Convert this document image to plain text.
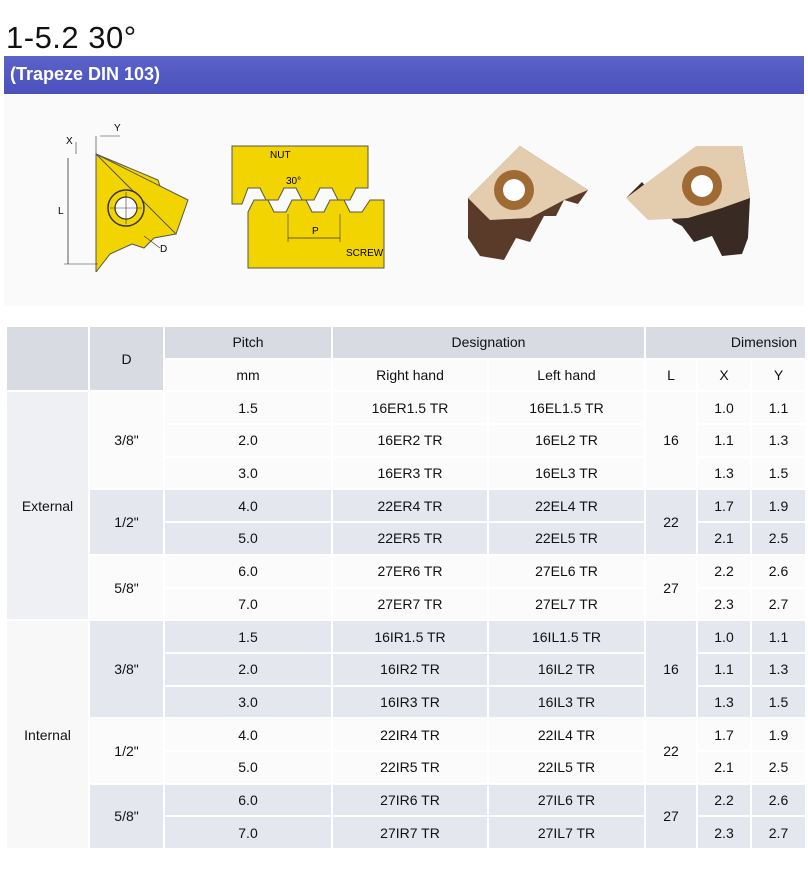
1-5.2 30°
(Trapeze DIN 103)
Y
X
L
D
NUT
30°
P
SCREW
	D	Pitch	Designation		Dimension		
		mm	Right hand	Left hand	L	X	Y
External	3/8"	1.5	16ER1.5 TR	16EL1.5 TR	16	1.0	1.1
		2.0	16ER2 TR	16EL2 TR		1.1	1.3
		3.0	16ER3 TR	16EL3 TR		1.3	1.5
	1/2"	4.0	22ER4 TR	22EL4 TR	22	1.7	1.9
		5.0	22ER5 TR	22EL5 TR		2.1	2.5
	5/8"	6.0	27ER6 TR	27EL6 TR	27	2.2	2.6
		7.0	27ER7 TR	27EL7 TR		2.3	2.7
Internal	3/8"	1.5	16IR1.5 TR	16IL1.5 TR	16	1.0	1.1
		2.0	16IR2 TR	16IL2 TR		1.1	1.3
		3.0	16IR3 TR	16IL3 TR		1.3	1.5
	1/2"	4.0	22IR4 TR	22IL4 TR	22	1.7	1.9
		5.0	22IR5 TR	22IL5 TR		2.1	2.5
	5/8"	6.0	27IR6 TR	27IL6 TR	27	2.2	2.6
		7.0	27IR7 TR	27IL7 TR		2.3	2.7
